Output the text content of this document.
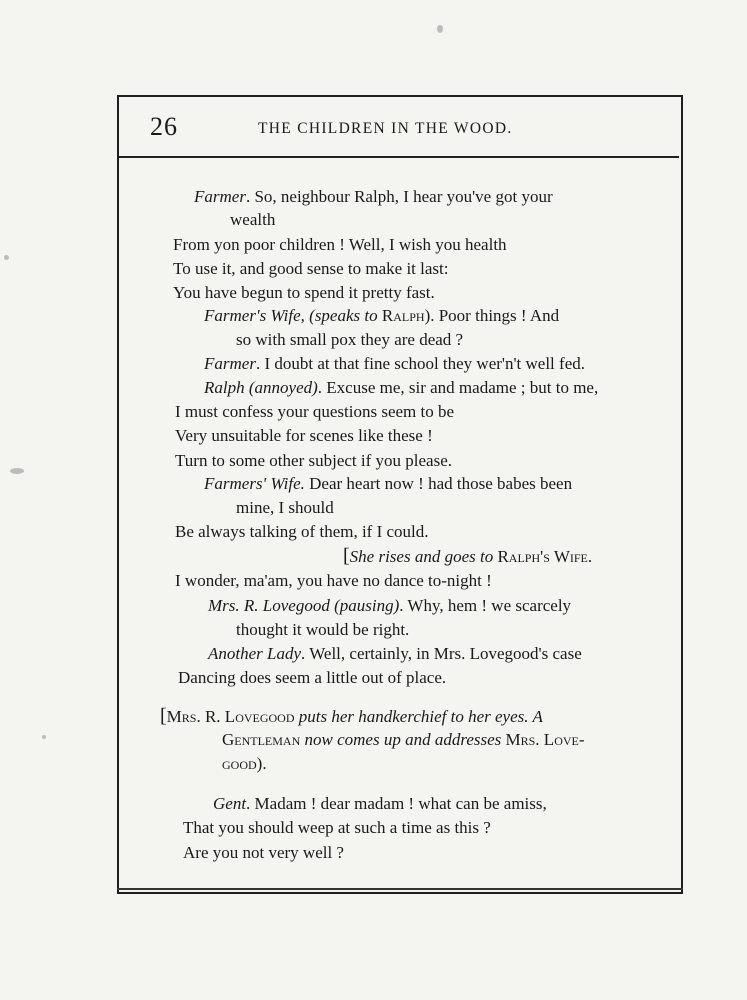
26	THE CHILDREN IN THE WOOD.
Farmer. So, neighbour Ralph, I hear you've got your
wealth
From yon poor children ! Well, I wish you health
To use it, and good sense to make it last:
You have begun to spend it pretty fast.
Farmer's Wife, (speaks to Ralph). Poor things ! And
so with small pox they are dead ?
Farmer. I doubt at that fine school they wer'n't well fed.
Ralph (annoyed). Excuse me, sir and madame ; but to me,
I must confess your questions seem to be
Very unsuitable for scenes like these !
Turn to some other subject if you please.
Farmers' Wife. Dear heart now ! had those babes been
mine, I should
Be always talking of them, if I could.
[She rises and goes to Ralph's Wife.
I wonder, ma'am, you have no dance to-night !
Mrs. R. Lovegood (pausing). Why, hem ! we scarcely
thought it would be right.
Another Lady. Well, certainly, in Mrs. Lovegood's case
Dancing does seem a little out of place.
[Mrs. R. Lovegood puts her handkerchief to her eyes. A
Gentleman now comes up and addresses Mrs. Love-
good).
Gent. Madam ! dear madam ! what can be amiss,
That you should weep at such a time as this ?
Are you not very well ?
